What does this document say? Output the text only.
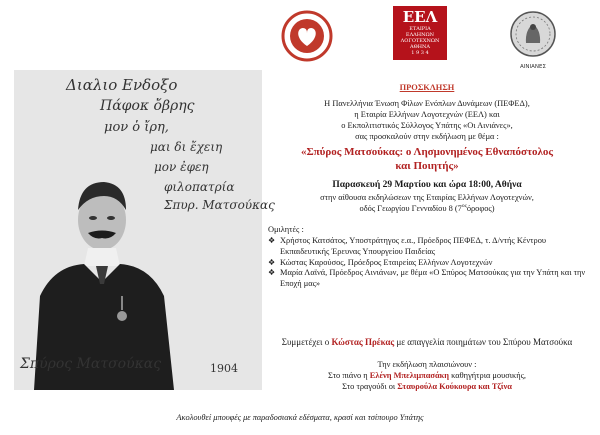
Διαλιο Ενδοξο
Πάφοκ ὄβρης
μον ὁ ἴρη,
μαι δι ἔχειη
μον ἐφεη
φιλοπατρία
Σπυρ. Ματσούκας
Σπύρος Ματσούκας	1904
ΕΕΛ
ΕΤΑΙΡΙΑ
ΕΛΛΗΝΩΝ
ΛΟΓΟΤΕΧΝΩΝ
ΑΘΗΝΑ
1 9 3 4
ΑΙΝΙΑΝΕΣ

ΠΡΟΣΚΛΗΣΗ

Η Πανελλήνια Ένωση Φίλων Ενόπλων Δυνάμεων (ΠΕΦΕΔ),

η Εταιρία Ελλήνων Λογοτεχνών (ΕΕΛ) και

ο Εκπολιτιστικός Σύλλογος Υπάτης «Οι Αινιάνες»,

σας προσκαλούν στην εκδήλωση με θέμα :

«Σπύρος Ματσούκας: ο Λησμονημένος Εθναπόστολος
και Ποιητής»

Παρασκευή 29 Μαρτίου και ώρα 18:00, Αθήνα

στην αίθουσα εκδηλώσεων της Εταιρίας Ελλήνων Λογοτεχνών,

οδός Γεωργίου Γενναδίου 8 $(7^{o\varsigma}ό\rho o\varphi o\varsigma)$

Ομιλητές :

❖ Χρήστος Κατσάτος, Υποστράτηγος ε.α., Πρόεδρος ΠΕΦΕΔ, τ. Δ/ντής Κέντρου Εκπαιδευτικής Έρευνας Υπουργείου Παιδείας
❖ Κώστας Καρούσος, Πρόεδρος Εταιρείας Ελλήνων Λογοτεχνών
❖ Μαρία Λαϊνά, Πρόεδρος Αινιάνων, με θέμα «Ο Σπύρος Ματσούκας για την Υπάτη και την Εποχή μας»
Συμμετέχει ο Κώστας Πρέκας με απαγγελία ποιημάτων του Σπύρου Ματσούκα
Την εκδήλωση πλαισιώνουν :
Στο πιάνο η Ελένη Μπελιμπασάκη καθηγήτρια μουσικής,
Στο τραγούδι οι Σταυρούλα Κούκουρα και Τζίνα
Ακολουθεί μπουφές με παραδοσιακά εδέσματα, κρασί και τσίπουρο Υπάτης
